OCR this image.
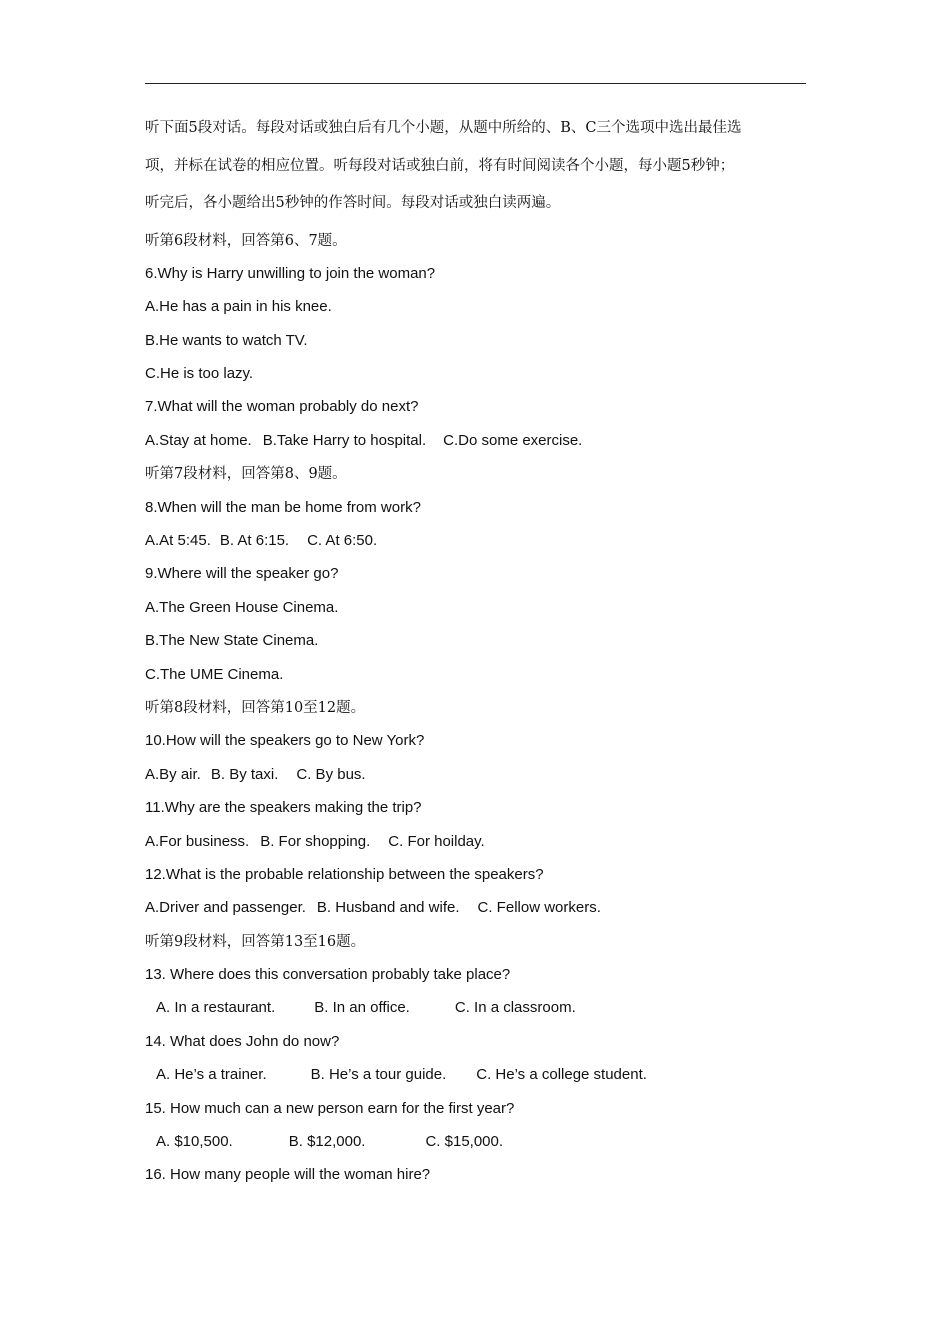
听下面5段对话。每段对话或独白后有几个小题，从题中所给的、B、C三个选项中选出最佳选

项，并标在试卷的相应位置。听每段对话或独白前，将有时间阅读各个小题，每小题5秒钟；

听完后，各小题给出5秒钟的作答时间。每段对话或独白读两遍。

听第6段材料，回答第6、7题。
6.Why is Harry unwilling to join the woman?
A.He has a pain in his knee.
B.He wants to watch TV.
C.He is too lazy.
7.What will the woman probably do next?
A.Stay at home. B.Take Harry to hospital. C.Do some exercise.
听第7段材料，回答第8、9题。
8.When will the man be home from work?
A.At 5:45. B. At 6:15. C. At 6:50.
9.Where will the speaker go?
A.The Green House Cinema.
B.The New State Cinema.
C.The UME Cinema.
听第8段材料，回答第10至12题。
10.How will the speakers go to New York?
A.By air. B. By taxi. C. By bus.
11.Why are the speakers making the trip?
A.For business. B. For shopping. C. For hoilday.
12.What is the probable relationship between the speakers?
A.Driver and passenger. B. Husband and wife. C. Fellow workers.
听第9段材料，回答第13至16题。
13. Where does this conversation probably take place?
A. In a restaurant.	B. In an office.	C. In a classroom.
14. What does John do now?
A. He’s a trainer.	B. He’s a tour guide. C. He’s a college student.
15. How much can a new person earn for the first year?
A. $10,500.	B. $12,000.	C. $15,000.
16. How many people will the woman hire?
